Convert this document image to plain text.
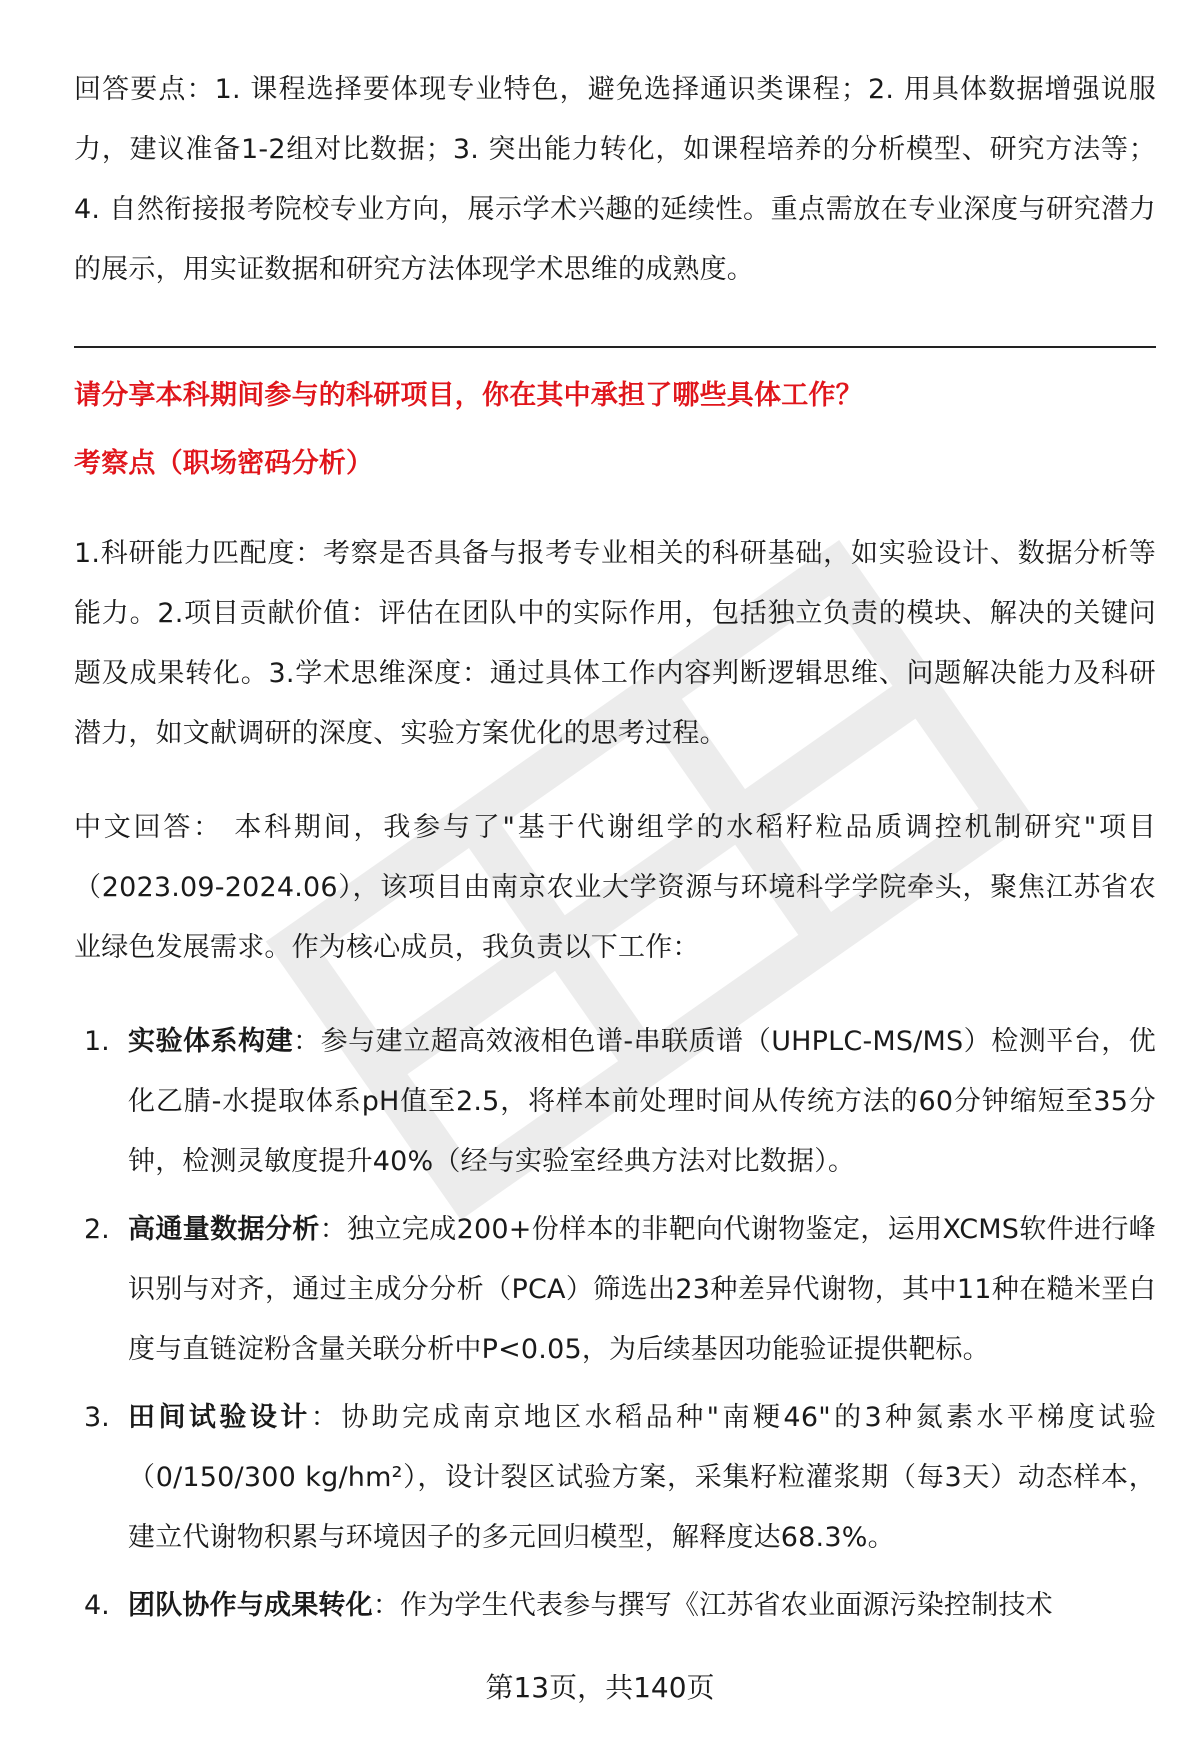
回答要点：1. 课程选择要体现专业特色，避免选择通识类课程；2. 用具体数据增强说服力，建议准备1-2组对比数据；3. 突出能力转化，如课程培养的分析模型、研究方法等；4. 自然衔接报考院校专业方向，展示学术兴趣的延续性。重点需放在专业深度与研究潜力的展示，用实证数据和研究方法体现学术思维的成熟度。

请分享本科期间参与的科研项目，你在其中承担了哪些具体工作？

考察点（职场密码分析）

1.科研能力匹配度：考察是否具备与报考专业相关的科研基础，如实验设计、数据分析等能力。2.项目贡献价值：评估在团队中的实际作用，包括独立负责的模块、解决的关键问题及成果转化。3.学术思维深度：通过具体工作内容判断逻辑思维、问题解决能力及科研潜力，如文献调研的深度、实验方案优化的思考过程。

中文回答： 本科期间，我参与了"基于代谢组学的水稻籽粒品质调控机制研究"项目（2023.09-2024.06），该项目由南京农业大学资源与环境科学学院牵头，聚焦江苏省农业绿色发展需求。作为核心成员，我负责以下工作：

1. 实验体系构建：参与建立超高效液相色谱-串联质谱（UHPLC-MS/MS）检测平台，优化乙腈-水提取体系pH值至2.5，将样本前处理时间从传统方法的60分钟缩短至35分钟，检测灵敏度提升40%（经与实验室经典方法对比数据）。

2. 高通量数据分析：独立完成200+份样本的非靶向代谢物鉴定，运用XCMS软件进行峰识别与对齐，通过主成分分析（PCA）筛选出23种差异代谢物，其中11种在糙米垩白度与直链淀粉含量关联分析中P<0.05，为后续基因功能验证提供靶标。

3. 田间试验设计：协助完成南京地区水稻品种"南粳46"的3种氮素水平梯度试验（0/150/300 kg/hm²），设计裂区试验方案，采集籽粒灌浆期（每3天）动态样本，建立代谢物积累与环境因子的多元回归模型，解释度达68.3%。

4. 团队协作与成果转化：作为学生代表参与撰写《江苏省农业面源污染控制技术

第13页，共140页
